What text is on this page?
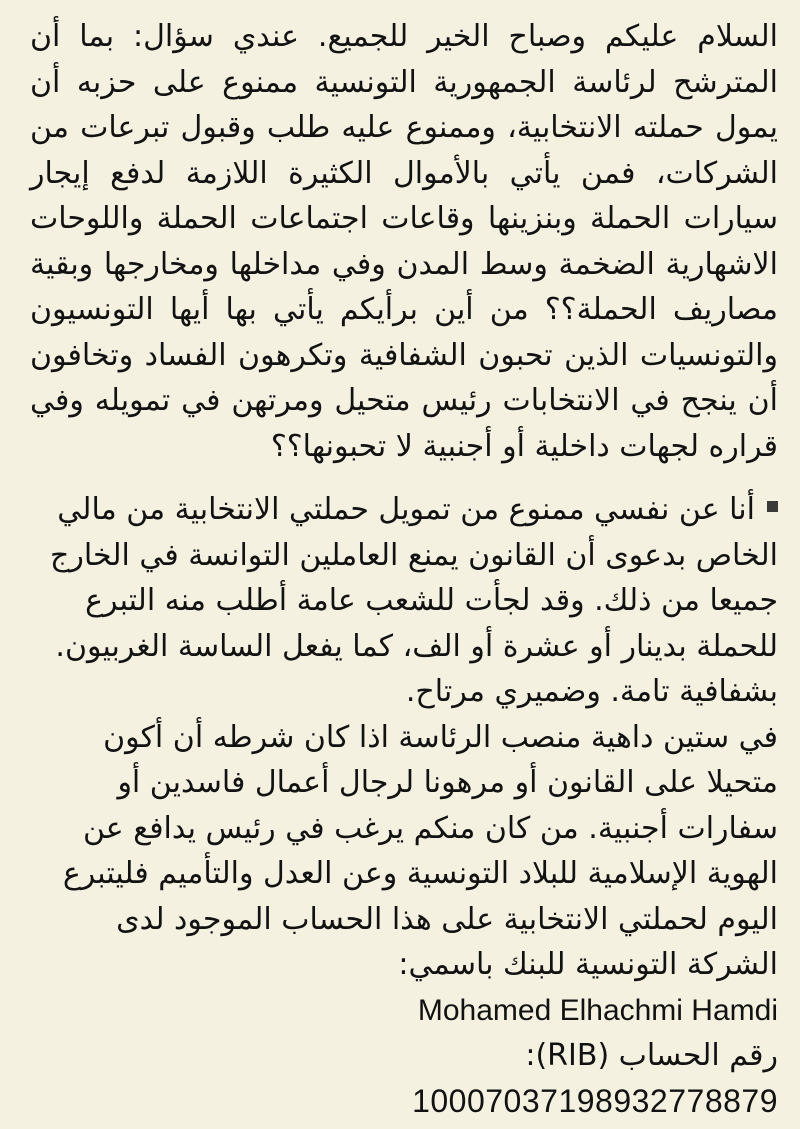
السلام عليكم وصباح الخير للجميع. عندي سؤال: بما أن المترشح لرئاسة الجمهورية التونسية ممنوع على حزبه أن يمول حملته الانتخابية، وممنوع عليه طلب وقبول تبرعات من الشركات، فمن يأتي بالأموال الكثيرة اللازمة لدفع إيجار سيارات الحملة وبنزينها وقاعات اجتماعات الحملة واللوحات الاشهارية الضخمة وسط المدن وفي مداخلها ومخارجها وبقية مصاريف الحملة؟؟ من أين برأيكم يأتي بها أيها التونسيون والتونسيات الذين تحبون الشفافية وتكرهون الفساد وتخافون أن ينجح في الانتخابات رئيس متحيل ومرتهن في تمويله وفي قراره لجهات داخلية أو أجنبية لا تحبونها؟؟

أنا عن نفسي ممنوع من تمويل حملتي الانتخابية من مالي الخاص بدعوى أن القانون يمنع العاملين التوانسة في الخارج جميعا من ذلك. وقد لجأت للشعب عامة أطلب منه التبرع للحملة بدينار أو عشرة أو الف، كما يفعل الساسة الغربيون. بشفافية تامة. وضميري مرتاح.

في ستين داهية منصب الرئاسة اذا كان شرطه أن أكون متحيلا على القانون أو مرهونا لرجال أعمال فاسدين أو سفارات أجنبية. من كان منكم يرغب في رئيس يدافع عن الهوية الإسلامية للبلاد التونسية وعن العدل والتأميم فليتبرع اليوم لحملتي الانتخابية على هذا الحساب الموجود لدى الشركة التونسية للبنك باسمي:

Mohamed Elhachmi Hamdi
رقم الحساب (RIB):
10007037198932778879
